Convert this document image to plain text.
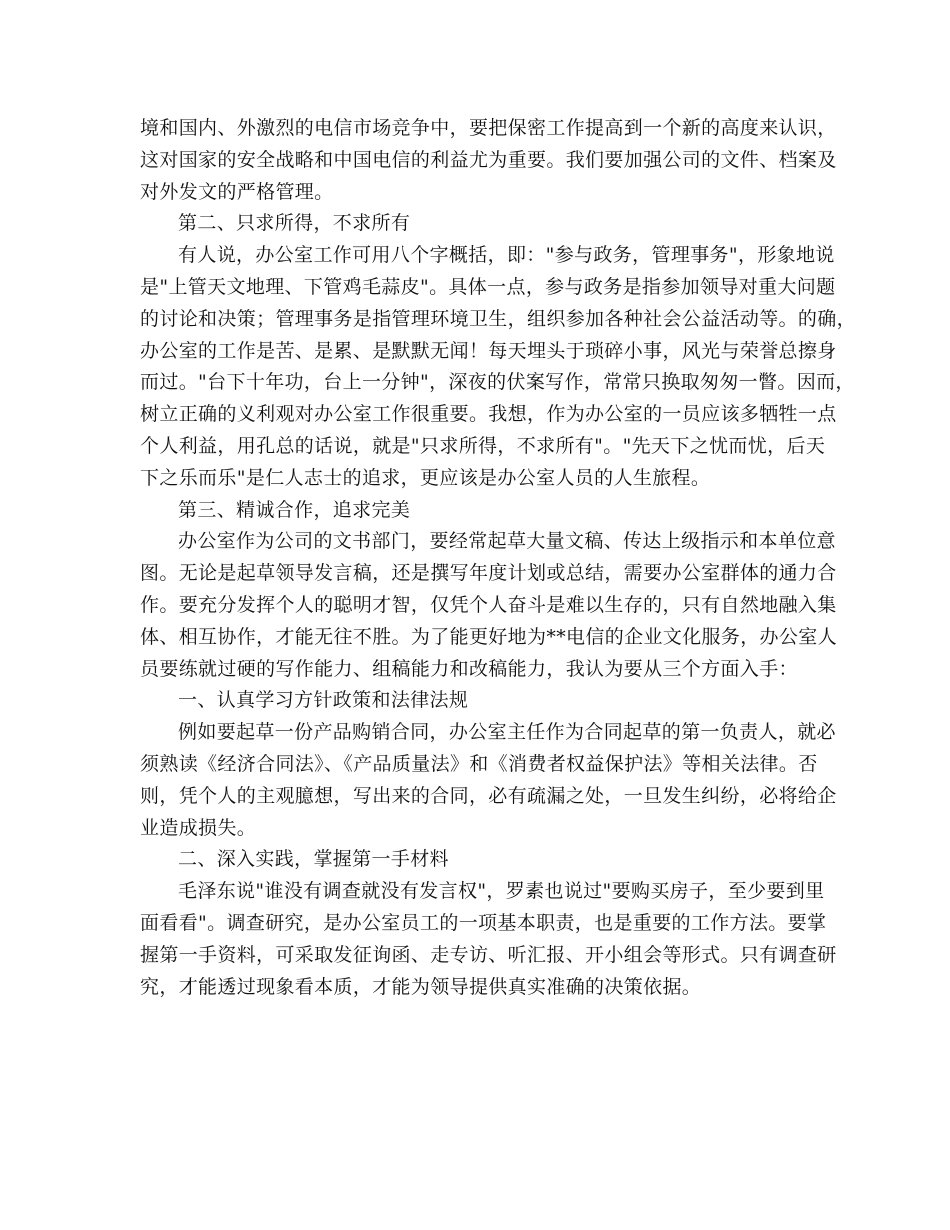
境和国内、外激烈的电信市场竞争中，要把保密工作提高到一个新的高度来认识，
这对国家的安全战略和中国电信的利益尤为重要。我们要加强公司的文件、档案及
对外发文的严格管理。
第二、只求所得，不求所有
有人说，办公室工作可用八个字概括，即："参与政务，管理事务"，形象地说
是"上管天文地理、下管鸡毛蒜皮"。具体一点，参与政务是指参加领导对重大问题
的讨论和决策；管理事务是指管理环境卫生，组织参加各种社会公益活动等。的确，
办公室的工作是苦、是累、是默默无闻！每天埋头于琐碎小事，风光与荣誉总擦身
而过。"台下十年功，台上一分钟"，深夜的伏案写作，常常只换取匆匆一瞥。因而，
树立正确的义利观对办公室工作很重要。我想，作为办公室的一员应该多牺牲一点
个人利益，用孔总的话说，就是"只求所得，不求所有"。"先天下之忧而忧，后天
下之乐而乐"是仁人志士的追求，更应该是办公室人员的人生旅程。
第三、精诚合作，追求完美
办公室作为公司的文书部门，要经常起草大量文稿、传达上级指示和本单位意
图。无论是起草领导发言稿，还是撰写年度计划或总结，需要办公室群体的通力合
作。要充分发挥个人的聪明才智，仅凭个人奋斗是难以生存的，只有自然地融入集
体、相互协作，才能无往不胜。为了能更好地为**电信的企业文化服务，办公室人
员要练就过硬的写作能力、组稿能力和改稿能力，我认为要从三个方面入手：
一、认真学习方针政策和法律法规
例如要起草一份产品购销合同，办公室主任作为合同起草的第一负责人，就必
须熟读《经济合同法》、《产品质量法》和《消费者权益保护法》等相关法律。否
则，凭个人的主观臆想，写出来的合同，必有疏漏之处，一旦发生纠纷，必将给企
业造成损失。
二、深入实践，掌握第一手材料
毛泽东说"谁没有调查就没有发言权"，罗素也说过"要购买房子，至少要到里
面看看"。调查研究，是办公室员工的一项基本职责，也是重要的工作方法。要掌
握第一手资料，可采取发征询函、走专访、听汇报、开小组会等形式。只有调查研
究，才能透过现象看本质，才能为领导提供真实准确的决策依据。
